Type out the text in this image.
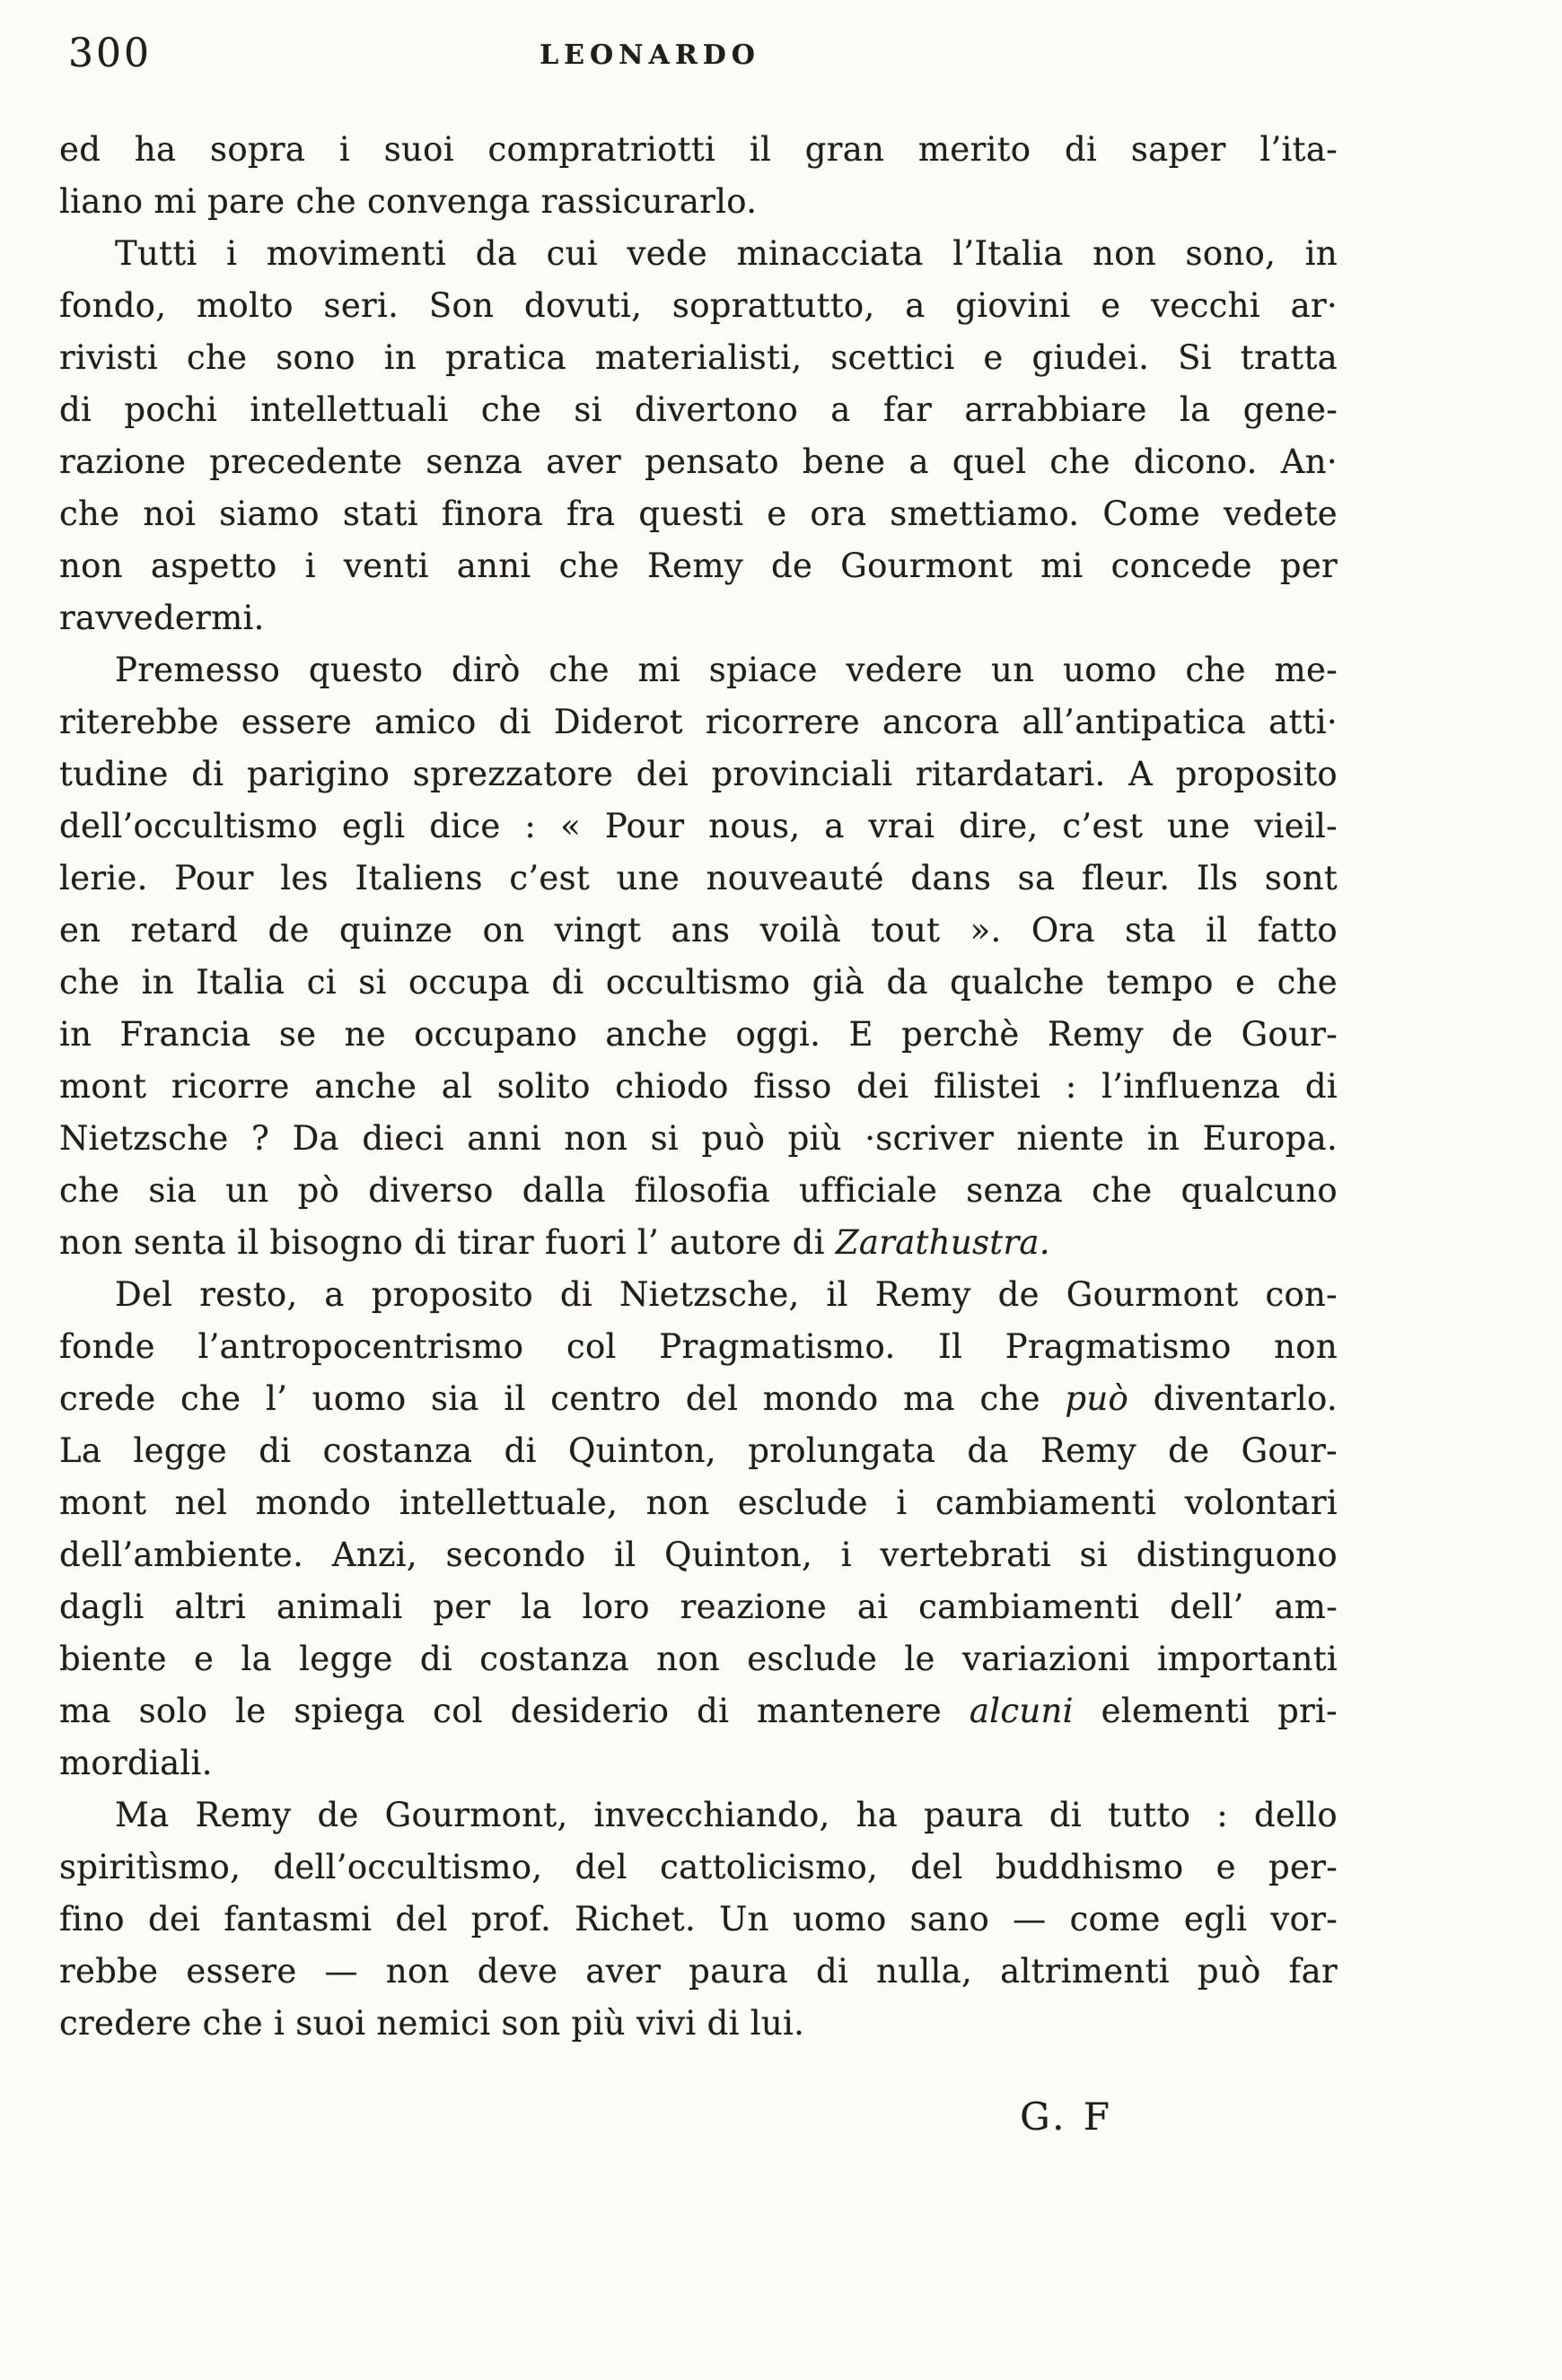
300	LEONARDO
ed ha sopra i suoi compratriotti il gran merito di saper l’ita-
liano mi pare che convenga rassicurarlo.
Tutti i movimenti da cui vede minacciata l’Italia non sono, in
fondo, molto seri. Son dovuti, soprattutto, a giovini e vecchi ar·
rivisti che sono in pratica materialisti, scettici e giudei. Si tratta
di pochi intellettuali che si divertono a far arrabbiare la gene-
razione precedente senza aver pensato bene a quel che dicono. An·
che noi siamo stati finora fra questi e ora smettiamo. Come vedete
non aspetto i venti anni che Remy de Gourmont mi concede per
ravvedermi.
Premesso questo dirò che mi spiace vedere un uomo che me-
riterebbe essere amico di Diderot ricorrere ancora all’antipatica atti·
tudine di parigino sprezzatore dei provinciali ritardatari. A proposito
dell’occultismo egli dice : « Pour nous, a vrai dire, c’est une vieil-
lerie. Pour les Italiens c’est une nouveauté dans sa fleur. Ils sont
en retard de quinze on vingt ans voilà tout ». Ora sta il fatto
che in Italia ci si occupa di occultismo già da qualche tempo e che
in Francia se ne occupano anche oggi. E perchè Remy de Gour-
mont ricorre anche al solito chiodo fisso dei filistei : l’influenza di
Nietzsche ? Da dieci anni non si può più ·scriver niente in Europa.
che sia un pò diverso dalla filosofia ufficiale senza che qualcuno
non senta il bisogno di tirar fuori l’ autore di Zarathustra.
Del resto, a proposito di Nietzsche, il Remy de Gourmont con-
fonde l’antropocentrismo col Pragmatismo. Il Pragmatismo non
crede che l’ uomo sia il centro del mondo ma che può diventarlo.
La legge di costanza di Quinton, prolungata da Remy de Gour-
mont nel mondo intellettuale, non esclude i cambiamenti volontari
dell’ambiente. Anzi, secondo il Quinton, i vertebrati si distinguono
dagli altri animali per la loro reazione ai cambiamenti dell’ am-
biente e la legge di costanza non esclude le variazioni importanti
ma solo le spiega col desiderio di mantenere alcuni elementi pri-
mordiali.
Ma Remy de Gourmont, invecchiando, ha paura di tutto : dello
spiritìsmo, dell’occultismo, del cattolicismo, del buddhismo e per-
fino dei fantasmi del prof. Richet. Un uomo sano — come egli vor-
rebbe essere — non deve aver paura di nulla, altrimenti può far
credere che i suoi nemici son più vivi di lui.
G. F
